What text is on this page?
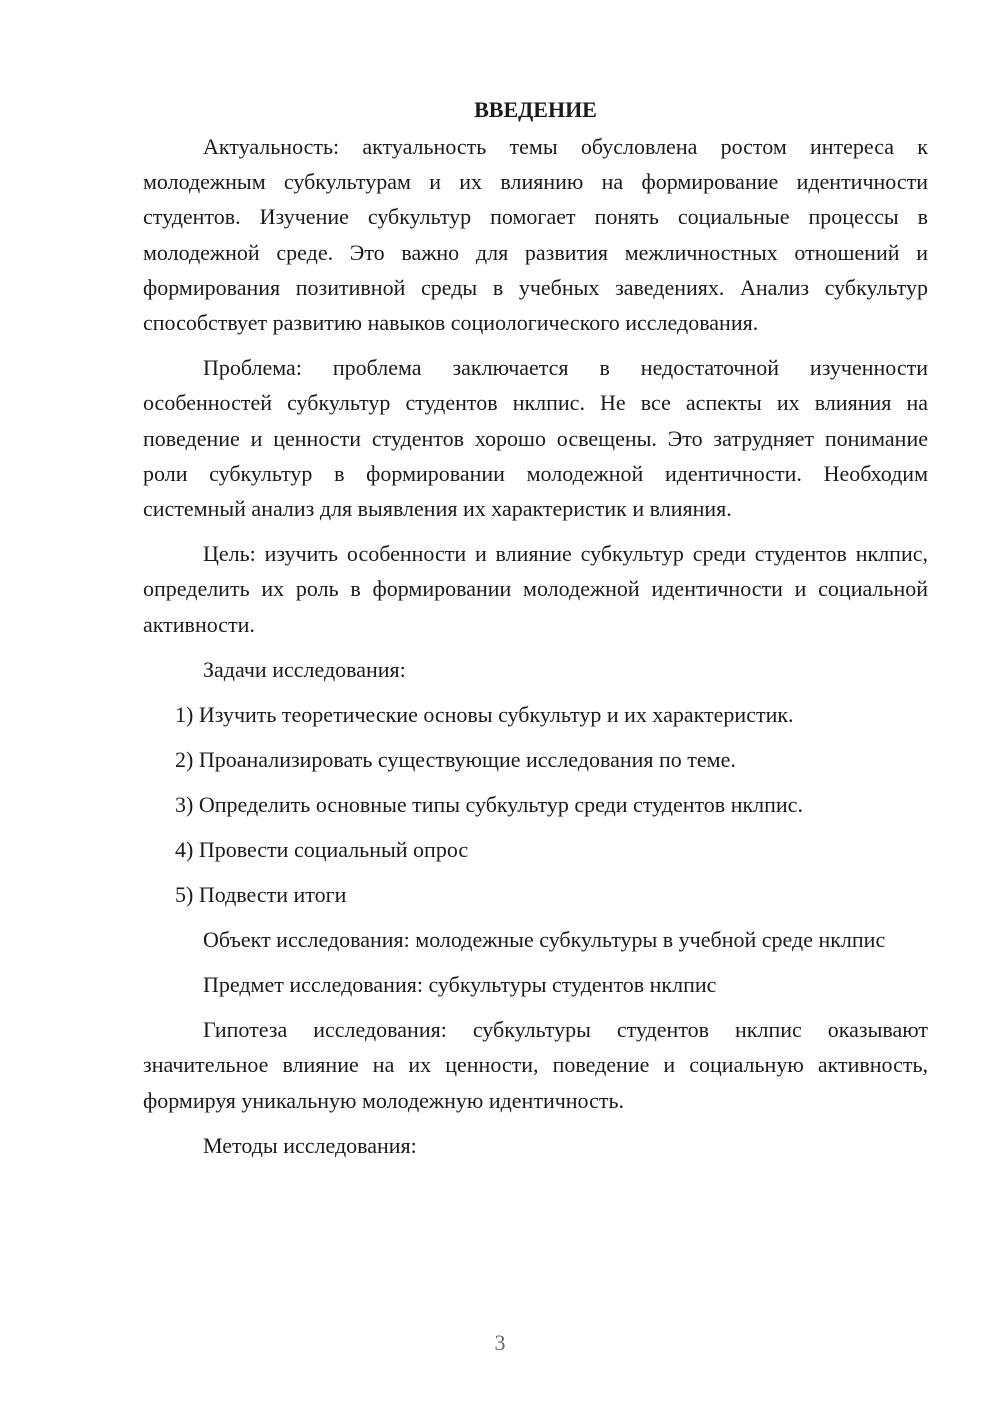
ВВЕДЕНИЕ

Актуальность: актуальность темы обусловлена ростом интереса к молодежным субкультурам и их влиянию на формирование идентичности студентов. Изучение субкультур помогает понять социальные процессы в молодежной среде. Это важно для развития межличностных отношений и формирования позитивной среды в учебных заведениях. Анализ субкультур способствует развитию навыков социологического исследования.

Проблема: проблема заключается в недостаточной изученности особенностей субкультур студентов нклпис. Не все аспекты их влияния на поведение и ценности студентов хорошо освещены. Это затрудняет понимание роли субкультур в формировании молодежной идентичности. Необходим системный анализ для выявления их характеристик и влияния.

Цель: изучить особенности и влияние субкультур среди студентов нклпис, определить их роль в формировании молодежной идентичности и социальной активности.

Задачи исследования:
1) Изучить теоретические основы субкультур и их характеристик.
2) Проанализировать существующие исследования по теме.
3) Определить основные типы субкультур среди студентов нклпис.
4) Провести социальный опрос
5) Подвести итоги

Объект исследования: молодежные субкультуры в учебной среде нклпис

Предмет исследования: субкультуры студентов нклпис

Гипотеза исследования: субкультуры студентов нклпис оказывают значительное влияние на их ценности, поведение и социальную активность, формируя уникальную молодежную идентичность.

Методы исследования:
3
